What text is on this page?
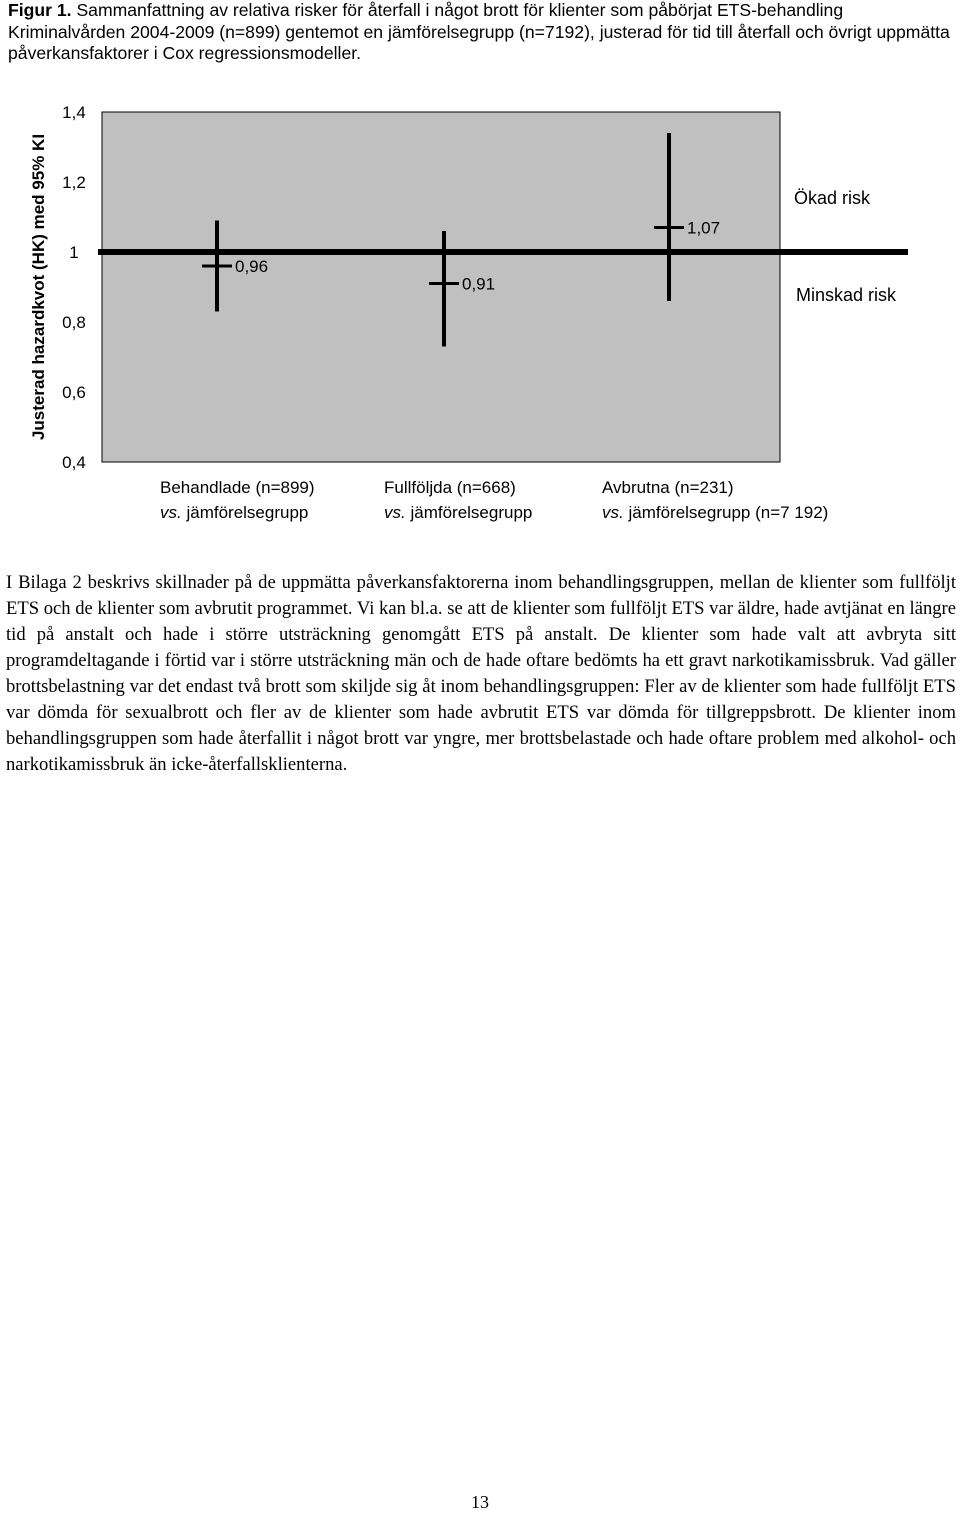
Figur 1. Sammanfattning av relativa risker för återfall i något brott för klienter som påbörjat ETS-behandling Kriminalvården 2004-2009 (n=899) gentemot en jämförelsegrupp (n=7192), justerad för tid till återfall och övrigt uppmätta påverkansfaktorer i Cox regressionsmodeller.
1,4
1,2
1
0,8
0,6
0,4
0,96
0,91
1,07
Behandlade (n=899)
vs. jämförelsegrupp
Fullföljda (n=668)
vs. jämförelsegrupp
Avbrutna (n=231)
vs. jämförelsegrupp (n=7 192)
Ökad risk
Minskad risk
Justerad hazardkvot (HK) med 95% KI
I Bilaga 2 beskrivs skillnader på de uppmätta påverkansfaktorerna inom behandlingsgruppen, mellan de klienter som fullföljt ETS och de klienter som avbrutit programmet. Vi kan bl.a. se att de klienter som fullföljt ETS var äldre, hade avtjänat en längre tid på anstalt och hade i större utsträckning genomgått ETS på anstalt. De klienter som hade valt att avbryta sitt programdeltagande i förtid var i större utsträckning män och de hade oftare bedömts ha ett gravt narkotikamissbruk. Vad gäller brottsbelastning var det endast två brott som skiljde sig åt inom behandlingsgruppen: Fler av de klienter som hade fullföljt ETS var dömda för sexualbrott och fler av de klienter som hade avbrutit ETS var dömda för tillgreppsbrott. De klienter inom behandlingsgruppen som hade återfallit i något brott var yngre, mer brottsbelastade och hade oftare problem med alkohol- och narkotikamissbruk än icke-återfallsklienterna.
13
